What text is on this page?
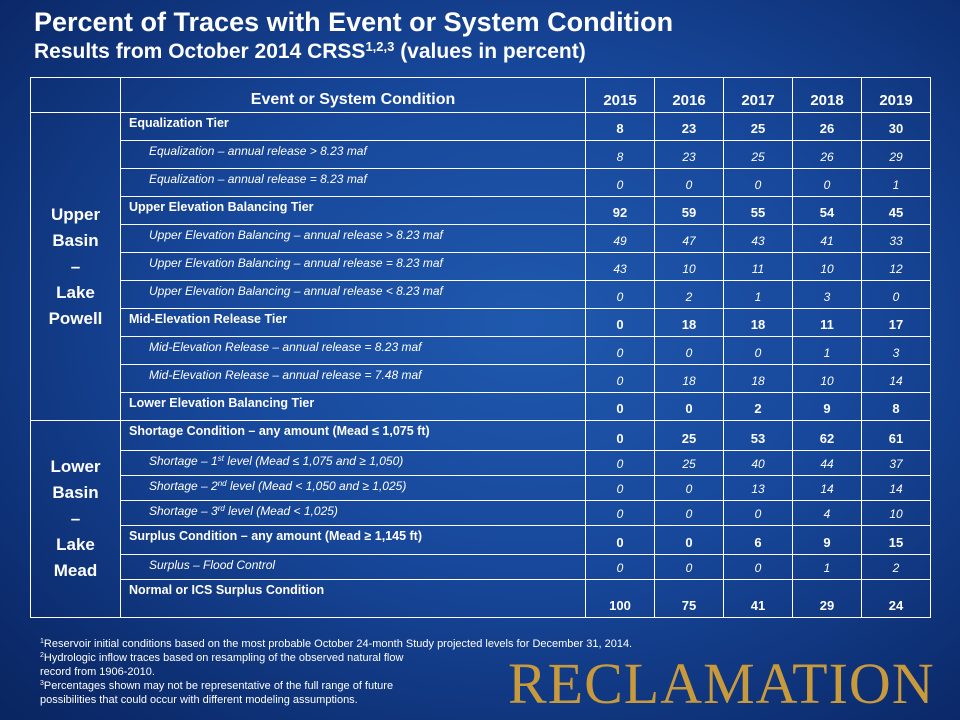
Percent of Traces with Event or System Condition
Results from October 2014 CRSS$^{1,2,3}$ (values in percent)
	Event or System Condition	2015	2016	2017	2018	2019

Upper
Basin
–
Lake
Powell	Equalization Tier	8	23	25	26	30
	Equalization – annual release > 8.23 maf	8	23	25	26	29
	Equalization – annual release = 8.23 maf	0	0	0	0	1
	Upper Elevation Balancing Tier	92	59	55	54	45
	Upper Elevation Balancing – annual release > 8.23 maf	49	47	43	41	33
	Upper Elevation Balancing – annual release = 8.23 maf	43	10	11	10	12
	Upper Elevation Balancing – annual release < 8.23 maf	0	2	1	3	0
	Mid-Elevation Release Tier	0	18	18	11	17
	Mid-Elevation Release – annual release = 8.23 maf	0	0	0	1	3
	Mid-Elevation Release – annual release = 7.48 maf	0	18	18	10	14
	Lower Elevation Balancing Tier	0	0	2	9	8

Lower
Basin
–
Lake
Mead	Shortage Condition – any amount (Mead ≤ 1,075 ft)	0	25	53	62	61
	Shortage – 1st level (Mead ≤ 1,075 and ≥ 1,050)	0	25	40	44	37
	Shortage – 2nd level (Mead < 1,050 and ≥ 1,025)	0	0	13	14	14
	Shortage – 3rd level (Mead < 1,025)	0	0	0	4	10
	Surplus Condition – any amount (Mead ≥ 1,145 ft)	0	0	6	9	15
	Surplus – Flood Control	0	0	0	1	2
	Normal or ICS Surplus Condition	100	75	41	29	24
$^1$Reservoir initial conditions based on the most probable October 24-month Study projected levels for December 31, 2014.
$^2$Hydrologic inflow traces based on resampling of the observed natural flow
record from 1906-2010.
$^3$Percentages shown may not be representative of the full range of future
possibilities that could occur with different modeling assumptions.	RECLAMATION
